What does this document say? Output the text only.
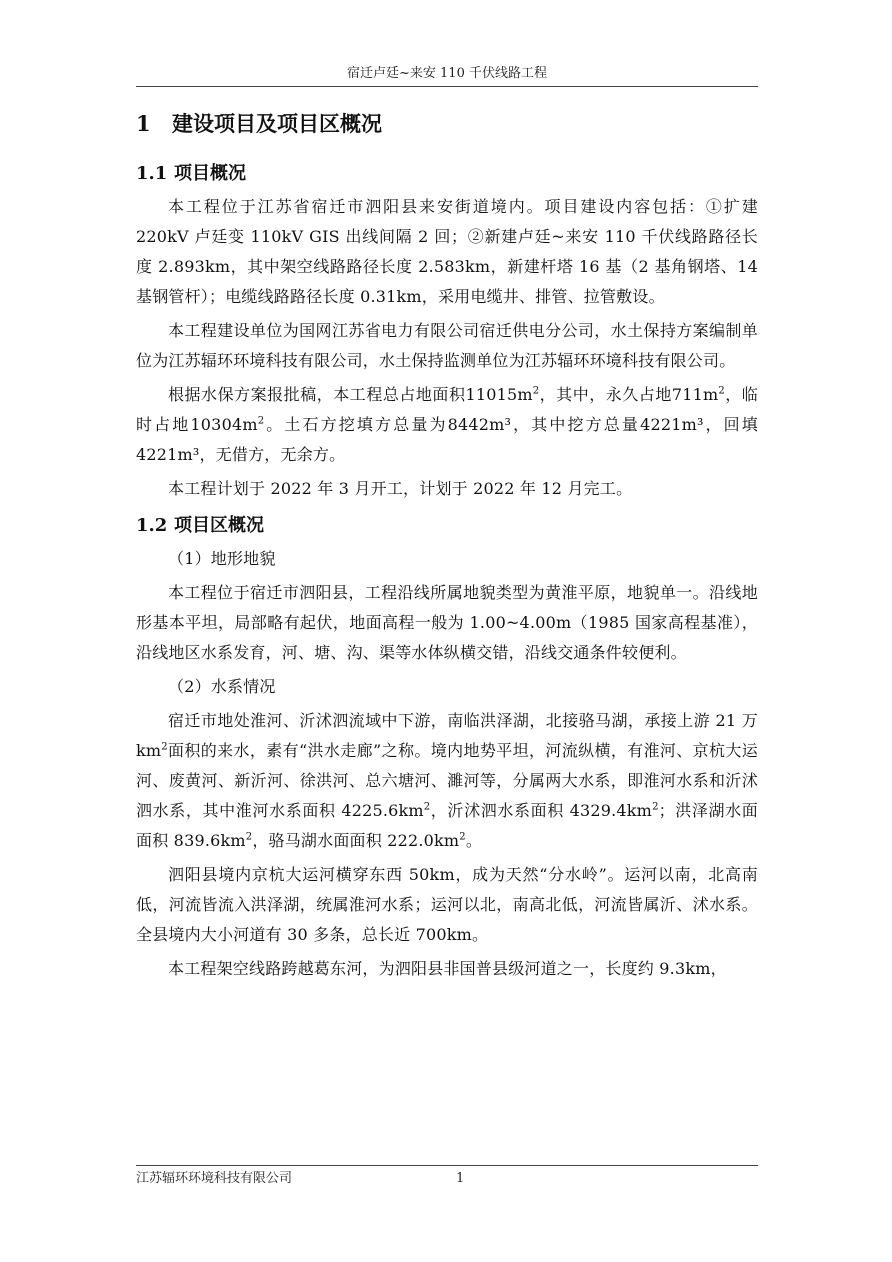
宿迁卢廷~来安 110 千伏线路工程
1 建设项目及项目区概况
1.1 项目概况

本工程位于江苏省宿迁市泗阳县来安街道境内。项目建设内容包括：①扩建 220kV 卢廷变 110kV GIS 出线间隔 2 回；②新建卢廷~来安 110 千伏线路路径长度 2.893km，其中架空线路路径长度 2.583km，新建杆塔 16 基（2 基角钢塔、14 基钢管杆）；电缆线路路径长度 0.31km，采用电缆井、排管、拉管敷设。

本工程建设单位为国网江苏省电力有限公司宿迁供电分公司，水土保持方案编制单位为江苏辐环环境科技有限公司，水土保持监测单位为江苏辐环环境科技有限公司。

根据水保方案报批稿，本工程总占地面积$11015m^2$，其中，永久占地$711m^2$，临时占地$10304m^2$。土石方挖填方总量为8442m³，其中挖方总量4221m³，回填4221m³，无借方，无余方。

本工程计划于 2022 年 3 月开工，计划于 2022 年 12 月完工。

1.2 项目区概况

（1）地形地貌

本工程位于宿迁市泗阳县，工程沿线所属地貌类型为黄淮平原，地貌单一。沿线地形基本平坦，局部略有起伏，地面高程一般为 1.00~4.00m（1985 国家高程基准），沿线地区水系发育，河、塘、沟、渠等水体纵横交错，沿线交通条件较便利。

（2）水系情况

宿迁市地处淮河、沂沭泗流域中下游，南临洪泽湖，北接骆马湖，承接上游 21 万 $km^2$面积的来水，素有“洪水走廊”之称。境内地势平坦，河流纵横，有淮河、京杭大运河、废黄河、新沂河、徐洪河、总六塘河、濉河等，分属两大水系，即淮河水系和沂沭泗水系，其中淮河水系面积 $4225.6km^2$，沂沭泗水系面积 $4329.4km^2$；洪泽湖水面面积 $839.6km^2$，骆马湖水面面积 $222.0km^2$。

泗阳县境内京杭大运河横穿东西 50km，成为天然“分水岭”。运河以南，北高南低，河流皆流入洪泽湖，统属淮河水系；运河以北，南高北低，河流皆属沂、沭水系。全县境内大小河道有 30 多条，总长近 700km。

本工程架空线路跨越葛东河，为泗阳县非国普县级河道之一，长度约 9.3km，

江苏辐环环境科技有限公司	1
